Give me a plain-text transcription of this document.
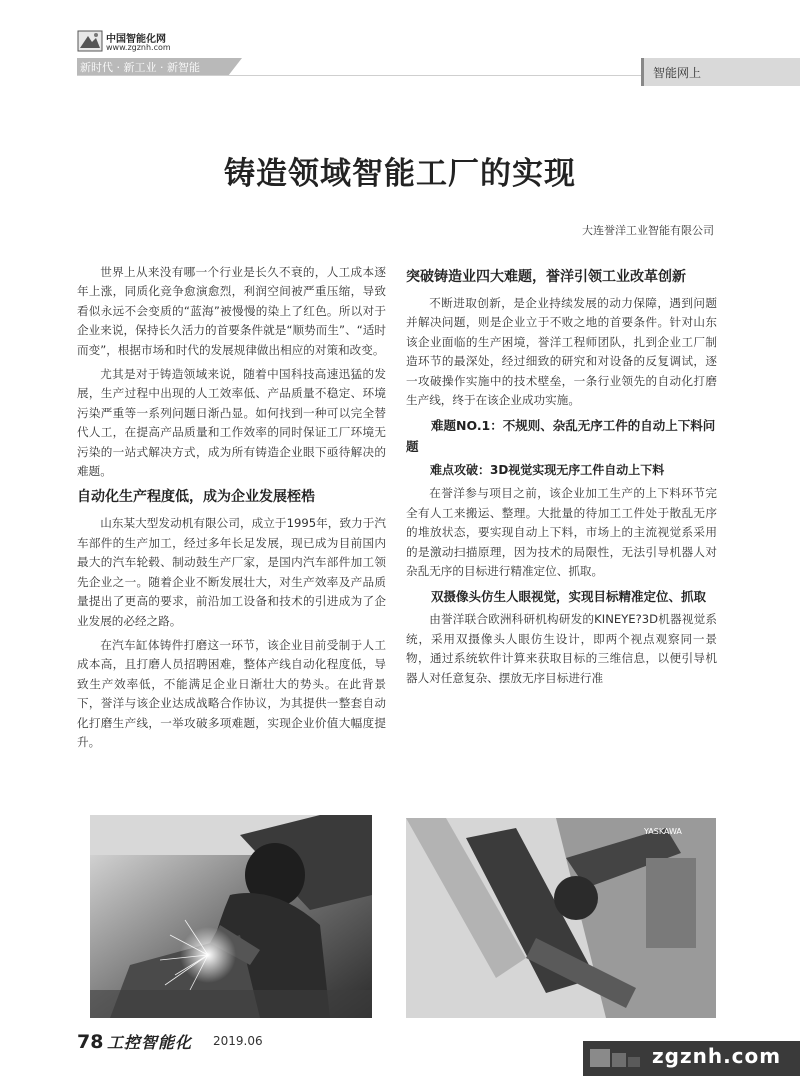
中国智能化网
www.zgznh.com
新时代 · 新工业 · 新智能	智能网上
铸造领域智能工厂的实现
大连誉洋工业智能有限公司

世界上从来没有哪一个行业是长久不衰的，人工成本逐年上涨，同质化竞争愈演愈烈，利润空间被严重压缩，导致看似永远不会变质的“蓝海”被慢慢的染上了红色。所以对于企业来说，保持长久活力的首要条件就是“顺势而生”、“适时而变”，根据市场和时代的发展规律做出相应的对策和改变。

尤其是对于铸造领域来说，随着中国科技高速迅猛的发展，生产过程中出现的人工效率低、产品质量不稳定、环境污染严重等一系列问题日渐凸显。如何找到一种可以完全替代人工，在提高产品质量和工作效率的同时保证工厂环境无污染的一站式解决方式，成为所有铸造企业眼下亟待解决的难题。

自动化生产程度低，成为企业发展桎梏

山东某大型发动机有限公司，成立于1995年，致力于汽车部件的生产加工，经过多年长足发展，现已成为目前国内最大的汽车轮毂、制动鼓生产厂家，是国内汽车部件加工领先企业之一。随着企业不断发展壮大，对生产效率及产品质量提出了更高的要求，前沿加工设备和技术的引进成为了企业发展的必经之路。

在汽车缸体铸件打磨这一环节，该企业目前受制于人工成本高，且打磨人员招聘困难，整体产线自动化程度低，导致生产效率低，不能满足企业日渐壮大的势头。在此背景下，誉洋与该企业达成战略合作协议，为其提供一整套自动化打磨生产线，一举攻破多项难题，实现企业价值大幅度提升。

突破铸造业四大难题，誉洋引领工业改革创新

不断进取创新，是企业持续发展的动力保障，遇到问题并解决问题，则是企业立于不败之地的首要条件。针对山东该企业面临的生产困境，誉洋工程师团队，扎到企业工厂制造环节的最深处，经过细致的研究和对设备的反复调试，逐一攻破操作实施中的技术壁垒，一条行业领先的自动化打磨生产线，终于在该企业成功实施。

难题NO.1：不规则、杂乱无序工件的自动上下料问题
难点攻破：3D视觉实现无序工件自动上下料

在誉洋参与项目之前，该企业加工生产的上下料环节完全有人工来搬运、整理。大批量的待加工工件处于散乱无序的堆放状态，要实现自动上下料，市场上的主流视觉系采用的是激动扫描原理，因为技术的局限性，无法引导机器人对杂乱无序的目标进行精准定位、抓取。

双摄像头仿生人眼视觉，实现目标精准定位、抓取

由誉洋联合欧洲科研机构研发的KINEYE?3D机器视觉系统，采用双摄像头人眼仿生设计，即两个视点观察同一景物，通过系统软件计算来获取目标的三维信息，以便引导机器人对任意复杂、摆放无序目标进行准

YASKAWA
78 工控智能化 2019.06
zgznh.com
